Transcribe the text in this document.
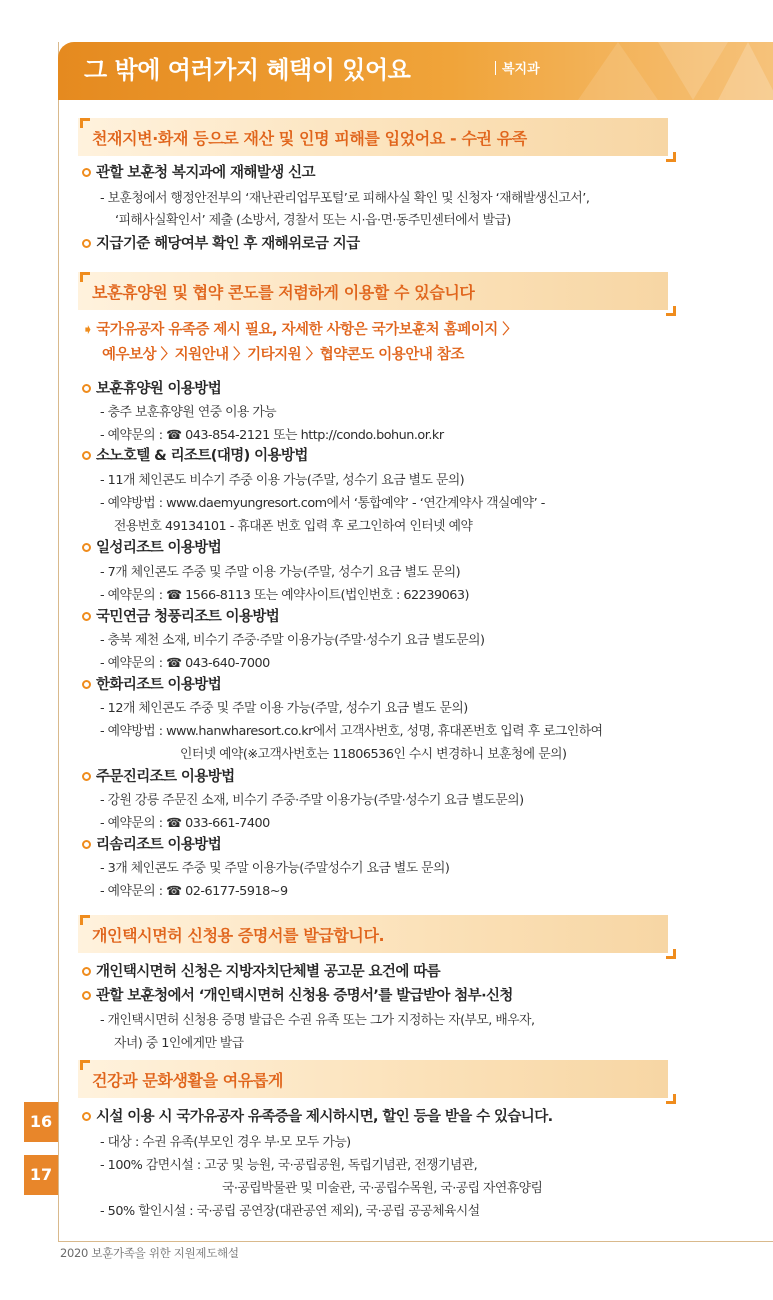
그 밖에 여러가지 혜택이 있어요	복지과
천재지변·화재 등으로 재산 및 인명 피해를 입었어요 - 수권 유족
관할 보훈청 복지과에 재해발생 신고
- 보훈청에서 행정안전부의 ‘재난관리업무포털’로 피해사실 확인 및 신청자 ‘재해발생신고서’,
‘피해사실확인서’ 제출 (소방서, 경찰서 또는 시·읍·면·동주민센터에서 발급)
지급기준 해당여부 확인 후 재해위로금 지급
보훈휴양원 및 협약 콘도를 저렴하게 이용할 수 있습니다
➧ 국가유공자 유족증 제시 필요, 자세한 사항은 국가보훈처 홈페이지 〉
예우보상 〉지원안내 〉기타지원 〉협약콘도 이용안내 참조
보훈휴양원 이용방법
- 충주 보훈휴양원 연중 이용 가능
- 예약문의 : ☎ 043-854-2121 또는 http://condo.bohun.or.kr
소노호텔 & 리조트(대명) 이용방법
- 11개 체인콘도 비수기 주중 이용 가능(주말, 성수기 요금 별도 문의)
- 예약방법 : www.daemyungresort.com에서 ‘통합예약’ - ‘연간계약사 객실예약’ -
전용번호 49134101 - 휴대폰 번호 입력 후 로그인하여 인터넷 예약
일성리조트 이용방법
- 7개 체인콘도 주중 및 주말 이용 가능(주말, 성수기 요금 별도 문의)
- 예약문의 : ☎ 1566-8113 또는 예약사이트(법인번호 : 62239063)
국민연금 청풍리조트 이용방법
- 충북 제천 소재, 비수기 주중·주말 이용가능(주말·성수기 요금 별도문의)
- 예약문의 : ☎ 043-640-7000
한화리조트 이용방법
- 12개 체인콘도 주중 및 주말 이용 가능(주말, 성수기 요금 별도 문의)
- 예약방법 : www.hanwharesort.co.kr에서 고객사번호, 성명, 휴대폰번호 입력 후 로그인하여
인터넷 예약(※고객사번호는 11806536인 수시 변경하니 보훈청에 문의)
주문진리조트 이용방법
- 강원 강릉 주문진 소재, 비수기 주중·주말 이용가능(주말·성수기 요금 별도문의)
- 예약문의 : ☎ 033-661-7400
리솜리조트 이용방법
- 3개 체인콘도 주중 및 주말 이용가능(주말성수기 요금 별도 문의)
- 예약문의 : ☎ 02-6177-5918~9
개인택시면허 신청용 증명서를 발급합니다.
개인택시면허 신청은 지방자치단체별 공고문 요건에 따름
관할 보훈청에서 ‘개인택시면허 신청용 증명서’를 발급받아 첨부·신청
- 개인택시면허 신청용 증명 발급은 수권 유족 또는 그가 지정하는 자(부모, 배우자,
자녀) 중 1인에게만 발급
건강과 문화생활을 여유롭게
시설 이용 시 국가유공자 유족증을 제시하시면, 할인 등을 받을 수 있습니다.
- 대상 : 수권 유족(부모인 경우 부·모 모두 가능)
- 100% 감면시설 : 고궁 및 능원, 국·공립공원, 독립기념관, 전쟁기념관,
국·공립박물관 및 미술관, 국·공립수목원, 국·공립 자연휴양림
- 50% 할인시설 : 국·공립 공연장(대관공연 제외), 국·공립 공공체육시설
16
17
2020 보훈가족을 위한 지원제도해설
